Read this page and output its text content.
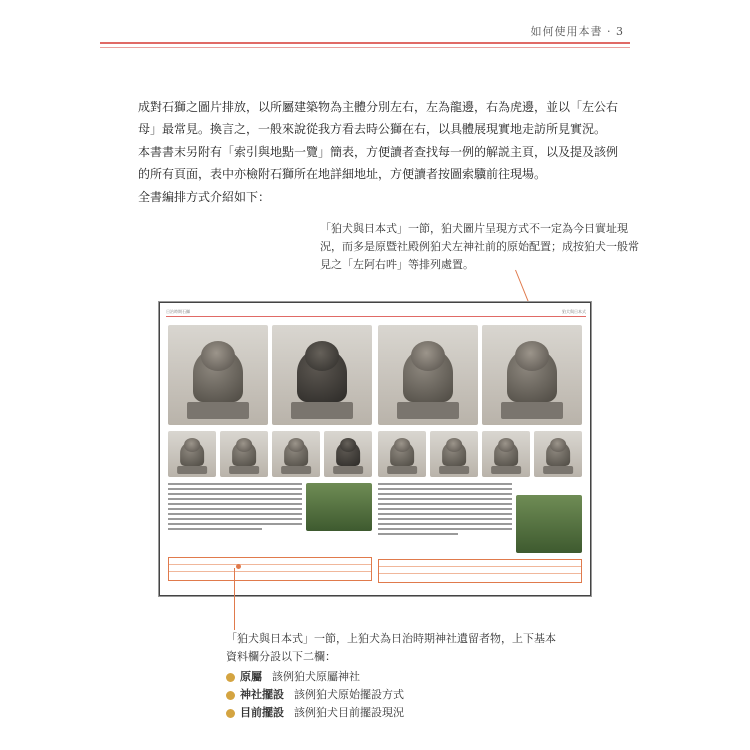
如何使用本書 · 3

成對石獅之圖片排放，以所屬建築物為主體分別左右，左為龍邊，右為虎邊，並以「左公右母」最常見。換言之，一般來說從我方看去時公獅在右，以具體展現實地走訪所見實況。

本書書末另附有「索引與地點一覽」簡表，方便讀者查找每一例的解説主頁，以及提及該例的所有頁面，表中亦檢附石獅所在地詳細地址，方便讀者按圖索驥前往現場。

全書編排方式介紹如下：

「狛犬與日本式」一節，狛犬圖片呈現方式不一定為今日實址現況，而多是原暨社殿例狛犬左神社前的原始配置；成按狛犬一般常見之「左阿右吽」等排列處置。

日治時期石獅	狛犬與日本式

「狛犬與日本式」一節，上狛犬為日治時期神社遺留者物，上下基本資料欄分設以下二欄：

原屬 該例狛犬原屬神社
神社擺設 該例狛犬原始擺設方式
目前擺設 該例狛犬目前擺設現況
